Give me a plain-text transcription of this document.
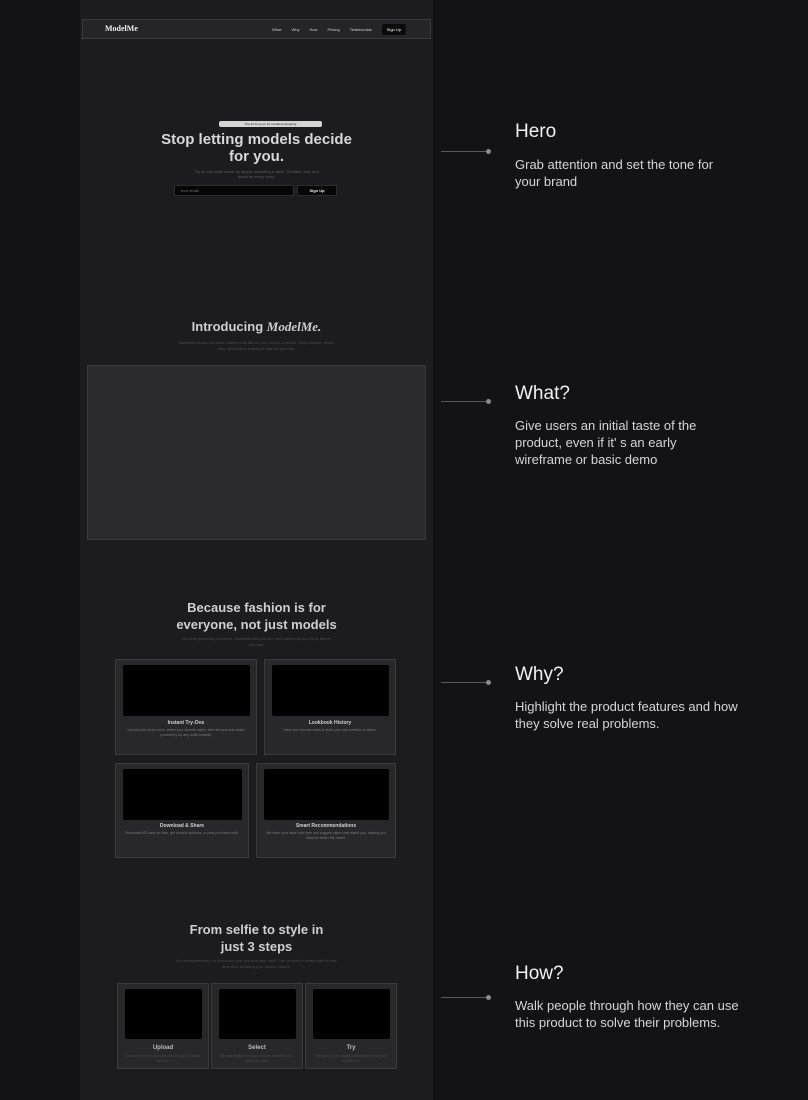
ModelMe	What	Why	How	Pricing	Testimonials	Sign Up
The #1 AI try-on for confident shopping
Stop letting models decide for you.
Try on any outfit online by simply uploading a selfie. Reliable, fast, and made for every body.
Your email
Sign Up
Introducing ModelMe.
ModelMe shows you what clothes look like on you, not on a model. Shop smarter, return less, and build a wardrobe that fits your life.
Because fashion is for everyone, not just models
No more guessing or returns. ModelMe lets you see how clothes fit your body before you buy.
Instant Try-Ons
Upload your photo once, select your favorite styles, then sit back and watch yourself try on any outfit instantly.
Lookbook History
Save your favorite looks to build your own portfolio of styles.
Download & Share
Download HD looks for later, get second opinions, or post your best outfit.
Smart Recommendations
We learn your taste over time and suggest styles that match you, helping you discover better fits, faster.
From selfie to style in just 3 steps
No measurements, no confusion, just you and your style. See yourself in every look in less time than scrolling your favorite stores.
Upload
Upload one full body photo and let our AI handle the rest.
Select
Browse styles from your favorite brands to find what you love.
Try
See your try-on results instantly and shop with confidence.
Hero
Grab attention and set the tone for your brand
What?
Give users an initial taste of the product, even if it' s an early wireframe or basic demo
Why?
Highlight the product features and how they solve real problems.
How?
Walk people through how they can use this product to solve their problems.
